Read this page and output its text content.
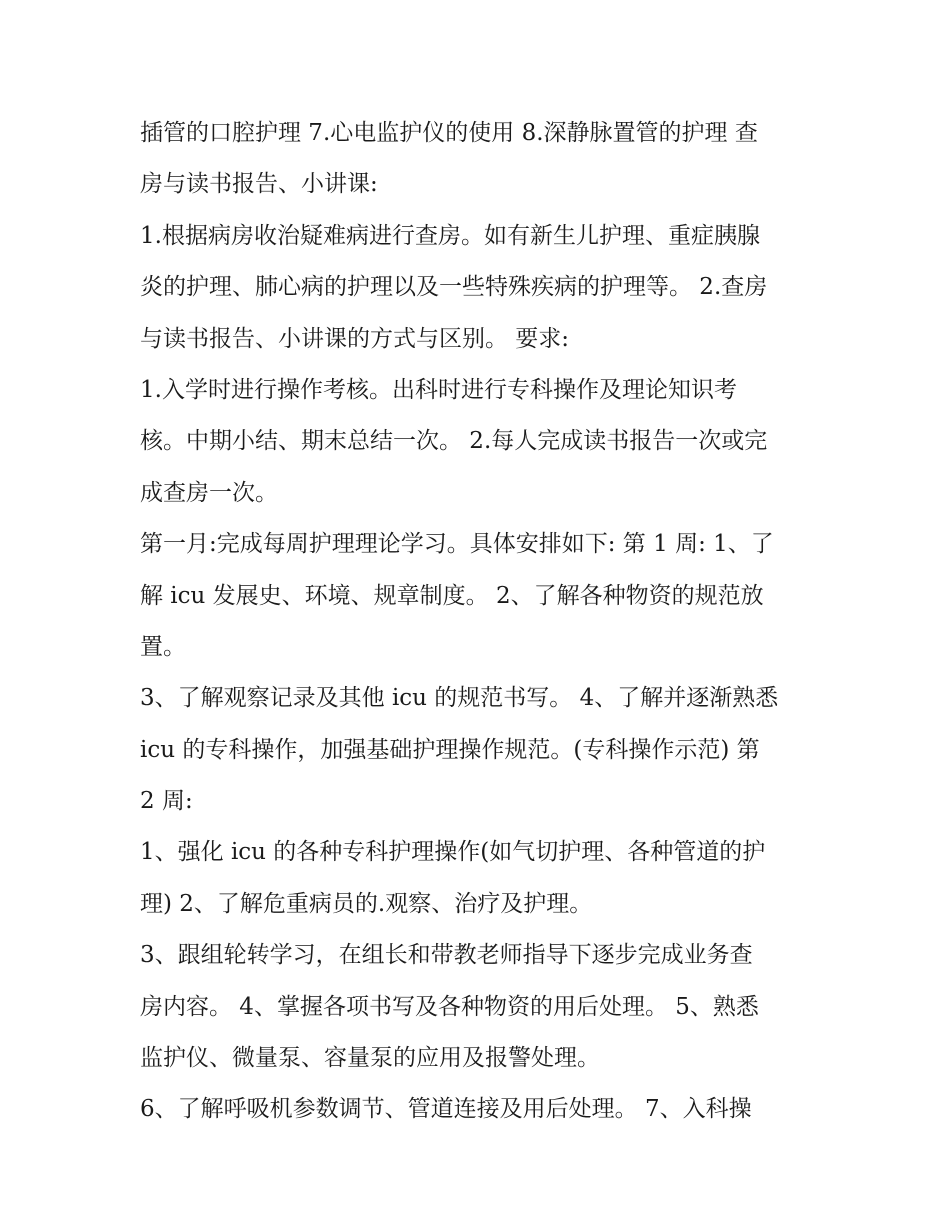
插管的口腔护理 7.心电监护仪的使用 8.深静脉置管的护理 查
房与读书报告、小讲课:
1.根据病房收治疑难病进行查房。如有新生儿护理、重症胰腺
炎的护理、肺心病的护理以及一些特殊疾病的护理等。 2.查房
与读书报告、小讲课的方式与区别。 要求:
1.入学时进行操作考核。出科时进行专科操作及理论知识考
核。中期小结、期末总结一次。 2.每人完成读书报告一次或完
成查房一次。
第一月:完成每周护理理论学习。具体安排如下: 第 1 周: 1、了
解 icu 发展史、环境、规章制度。 2、了解各种物资的规范放
置。
3、了解观察记录及其他 icu 的规范书写。 4、了解并逐渐熟悉
icu 的专科操作，加强基础护理操作规范。(专科操作示范) 第
2 周:
1、强化 icu 的各种专科护理操作(如气切护理、各种管道的护
理) 2、了解危重病员的.观察、治疗及护理。
3、跟组轮转学习，在组长和带教老师指导下逐步完成业务查
房内容。 4、掌握各项书写及各种物资的用后处理。 5、熟悉
监护仪、微量泵、容量泵的应用及报警处理。
6、了解呼吸机参数调节、管道连接及用后处理。 7、入科操
